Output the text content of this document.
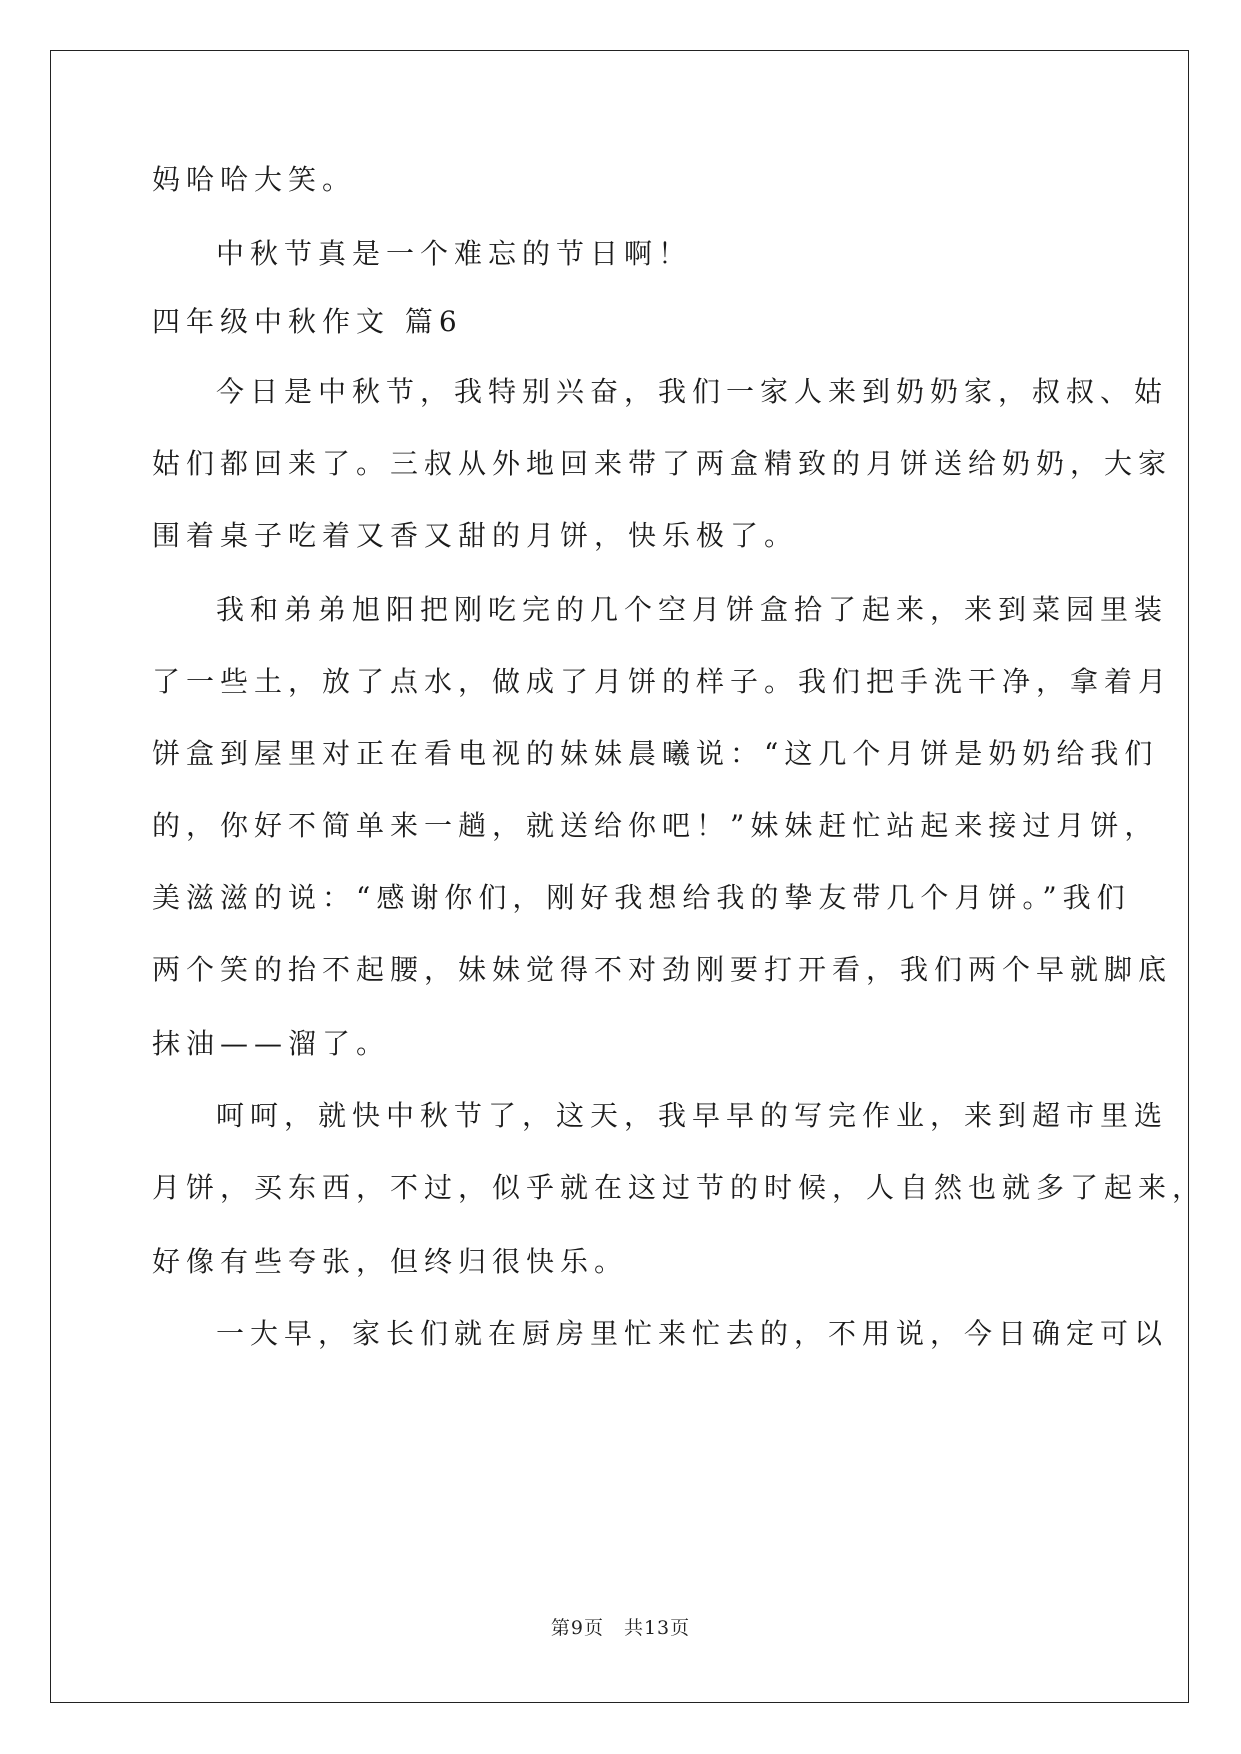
妈哈哈大笑。
中秋节真是一个难忘的节日啊！
四年级中秋作文 篇6
今日是中秋节，我特别兴奋，我们一家人来到奶奶家，叔叔、姑
姑们都回来了。三叔从外地回来带了两盒精致的月饼送给奶奶，大家
围着桌子吃着又香又甜的月饼，快乐极了。
我和弟弟旭阳把刚吃完的几个空月饼盒拾了起来，来到菜园里装
了一些土，放了点水，做成了月饼的样子。我们把手洗干净，拿着月
饼盒到屋里对正在看电视的妹妹晨曦说：“这几个月饼是奶奶给我们
的，你好不简单来一趟，就送给你吧！”妹妹赶忙站起来接过月饼，
美滋滋的说：“感谢你们，刚好我想给我的挚友带几个月饼。”我们
两个笑的抬不起腰，妹妹觉得不对劲刚要打开看，我们两个早就脚底
抹油——溜了。
呵呵，就快中秋节了，这天，我早早的写完作业，来到超市里选
月饼，买东西，不过，似乎就在这过节的时候，人自然也就多了起来，
好像有些夸张，但终归很快乐。
一大早，家长们就在厨房里忙来忙去的，不用说，今日确定可以
第9页　共13页
